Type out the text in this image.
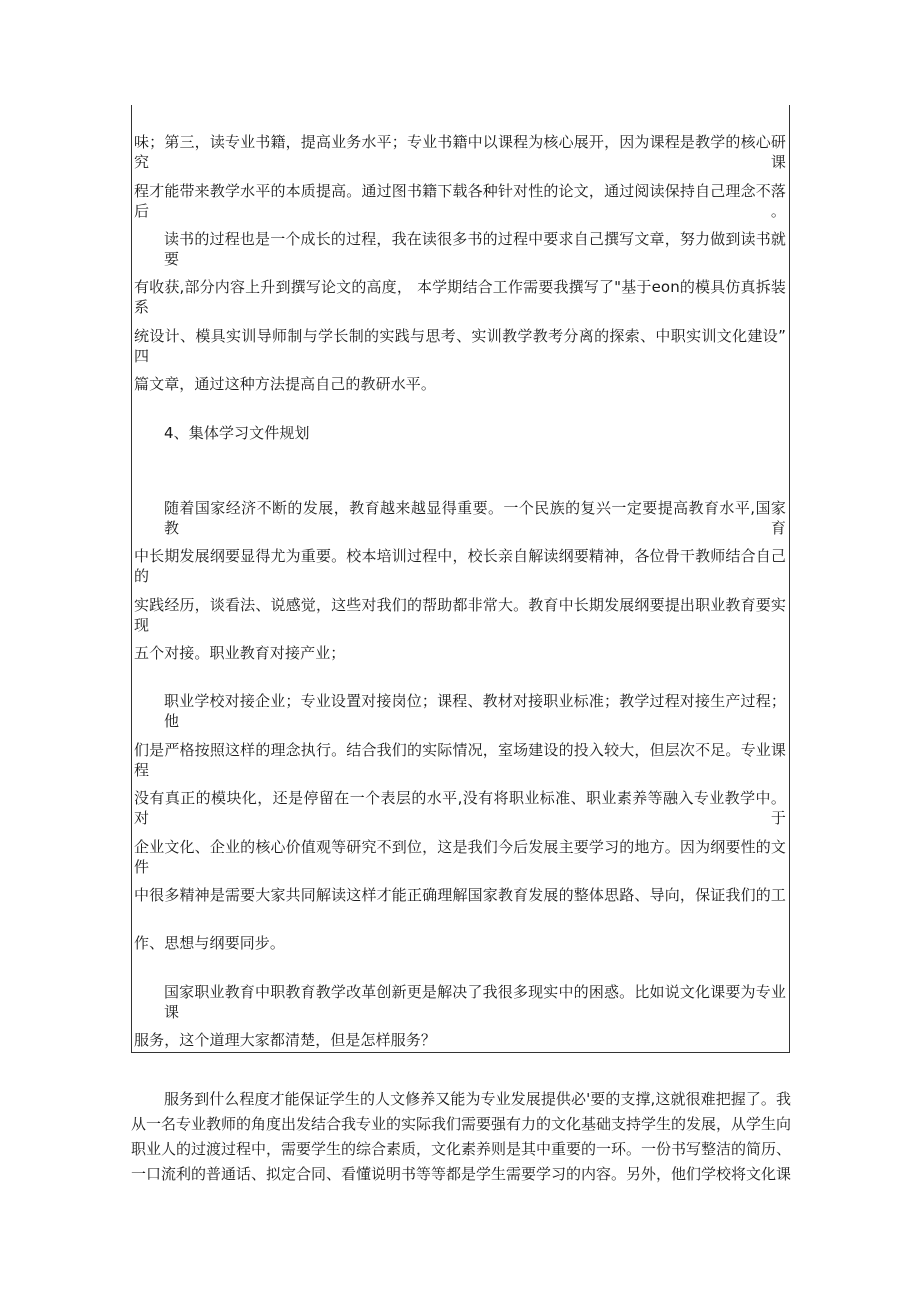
味；第三，读专业书籍，提高业务水平；专业书籍中以课程为核心展开，因为课程是教学的核心研究课
程才能带来教学水平的本质提高。通过图书籍下载各种针对性的论文，通过阅读保持自己理念不落后。
读书的过程也是一个成长的过程，我在读很多书的过程中要求自己撰写文章，努力做到读书就要
有收获,部分内容上升到撰写论文的高度， 本学期结合工作需要我撰写了"基于eon的模具仿真拆装系
统设计、模具实训导师制与学长制的实践与思考、实训教学教考分离的探索、中职实训文化建设” 四
篇文章，通过这种方法提高自己的教研水平。
4、集体学习文件规划
随着国家经济不断的发展，教育越来越显得重要。一个民族的复兴一定要提高教育水平,国家教育
中长期发展纲要显得尤为重要。校本培训过程中，校长亲自解读纲要精神，各位骨干教师结合自己的
实践经历，谈看法、说感觉，这些对我们的帮助都非常大。教育中长期发展纲要提出职业教育要实现
五个对接。职业教育对接产业；
职业学校对接企业；专业设置对接岗位；课程、教材对接职业标准；教学过程对接生产过程；他
们是严格按照这样的理念执行。结合我们的实际情况，室场建设的投入较大，但层次不足。专业课程
没有真正的模块化，还是停留在一个表层的水平,没有将职业标准、职业素养等融入专业教学中。对于
企业文化、企业的核心价值观等研究不到位，这是我们今后发展主要学习的地方。因为纲要性的文件
中很多精神是需要大家共同解读这样才能正确理解国家教育发展的整体思路、导向，保证我们的工
作、思想与纲要同步。
国家职业教育中职教育教学改革创新更是解决了我很多现实中的困惑。比如说文化课要为专业课
服务，这个道理大家都清楚，但是怎样服务？
服务到什么程度才能保证学生的人文修养又能为专业发展提供必'要的支撑,这就很难把握了。我
从一名专业教师的角度出发结合我专业的实际我们需要强有力的文化基础支持学生的发展，从学生向
职业人的过渡过程中，需要学生的综合素质，文化素养则是其中重要的一环。一份书写整洁的简历、
一口流利的普通话、拟定合同、看懂说明书等等都是学生需要学习的内容。另外，他们学校将文化课
